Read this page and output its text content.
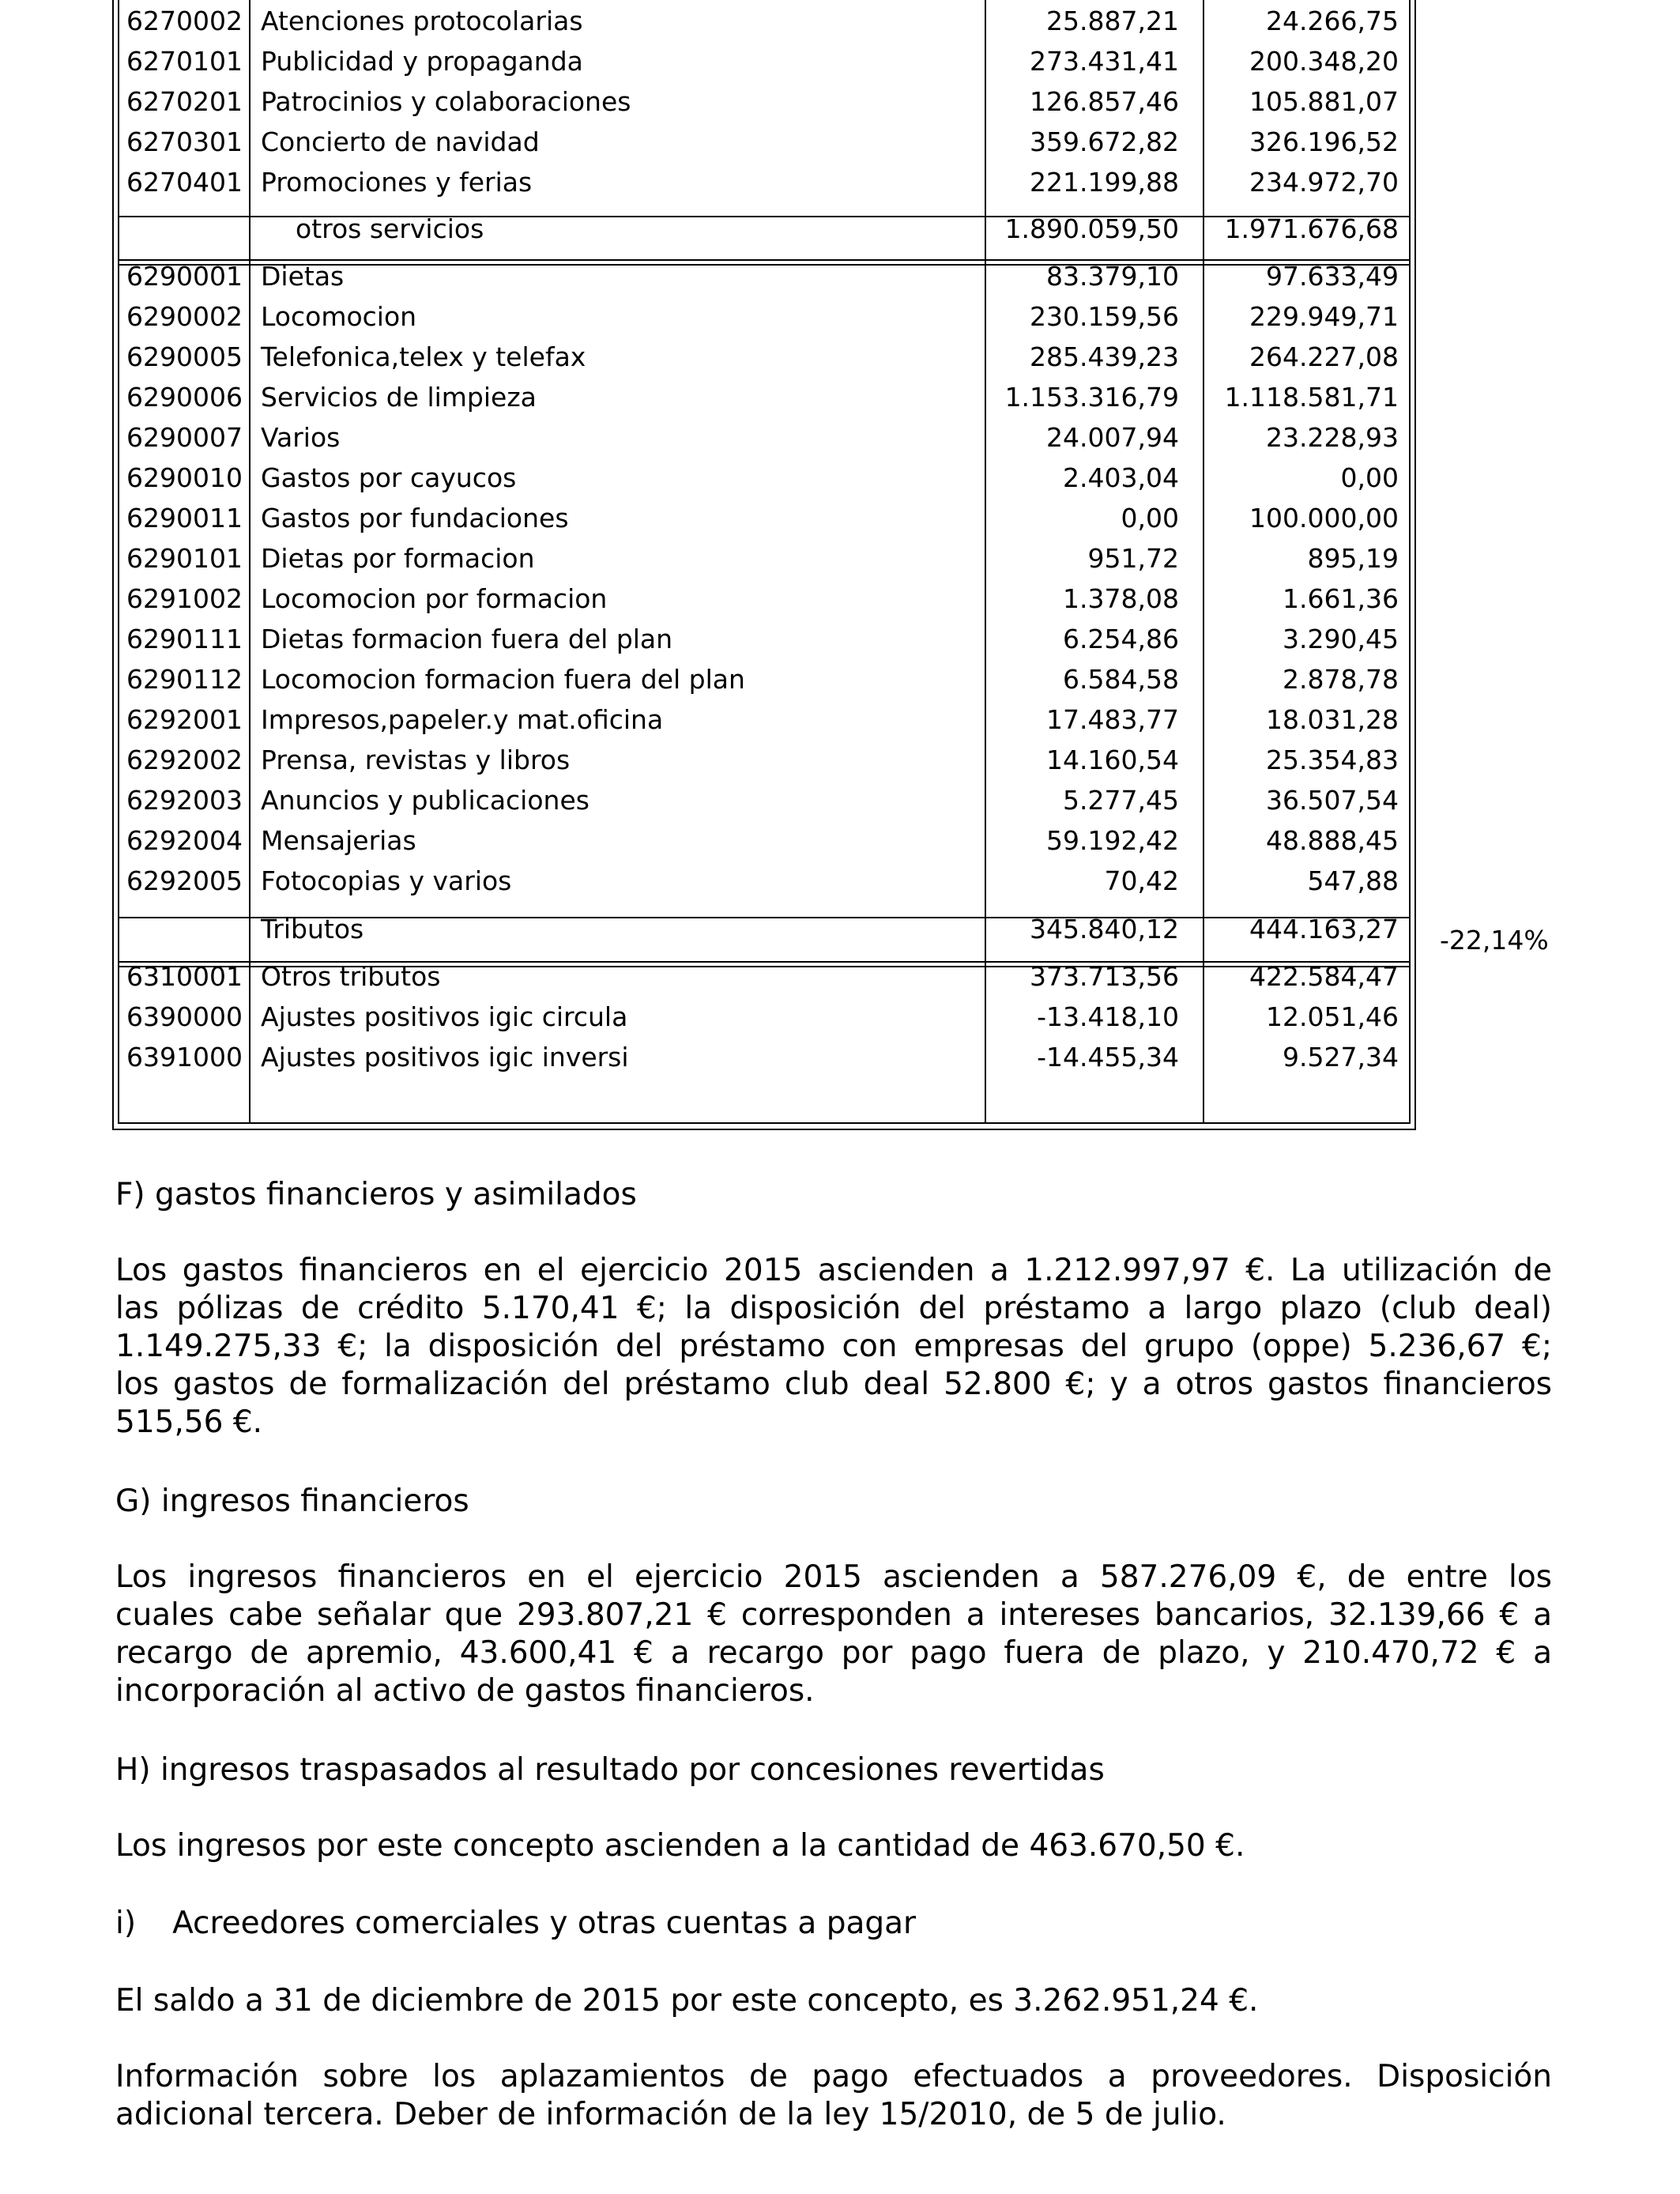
6270002 Atenciones protocolarias	25.887,21	24.266,75
6270101 Publicidad y propaganda	273.431,41	200.348,20
6270201 Patrocinios y colaboraciones	126.857,46	105.881,07
6270301 Concierto de navidad	359.672,82	326.196,52
6270401 Promociones y ferias	221.199,88	234.972,70
otros servicios	1.890.059,50 1.971.676,68
6290001 Dietas	83.379,10	97.633,49
6290002 Locomocion	230.159,56	229.949,71
6290005 Telefonica,telex y telefax	285.439,23	264.227,08
6290006 Servicios de limpieza	1.153.316,79 1.118.581,71
6290007 Varios	24.007,94	23.228,93
6290010 Gastos por cayucos	2.403,04	0,00
6290011 Gastos por fundaciones	0,00	100.000,00
6290101 Dietas por formacion	951,72	895,19
6291002 Locomocion por formacion	1.378,08	1.661,36
6290111 Dietas formacion fuera del plan	6.254,86	3.290,45
6290112 Locomocion formacion fuera del plan	6.584,58	2.878,78
6292001 Impresos,papeler.y mat.oficina	17.483,77	18.031,28
6292002 Prensa, revistas y libros	14.160,54	25.354,83
6292003 Anuncios y publicaciones	5.277,45	36.507,54
6292004 Mensajerias	59.192,42	48.888,45
6292005 Fotocopias y varios	70,42	547,88
Tributos	345.840,12	444.163,27
6310001 Otros tributos	373.713,56	422.584,47
6390000 Ajustes positivos igic circula	-13.418,10	12.051,46
6391000 Ajustes positivos igic inversi	-14.455,34	9.527,34
-22,14%
F) gastos financieros y asimilados
Los gastos financieros en el ejercicio 2015 ascienden a 1.212.997,97 €. La utilización de
las pólizas de crédito 5.170,41 €; la disposición del préstamo a largo plazo (club deal)
1.149.275,33 €; la disposición del préstamo con empresas del grupo (oppe) 5.236,67 €;
los gastos de formalización del préstamo club deal 52.800 €; y a otros gastos financieros
515,56 €.
G) ingresos financieros
Los ingresos financieros en el ejercicio 2015 ascienden a 587.276,09 €, de entre los
cuales cabe señalar que 293.807,21 € corresponden a intereses bancarios, 32.139,66 € a
recargo de apremio, 43.600,41 € a recargo por pago fuera de plazo, y 210.470,72 € a
incorporación al activo de gastos financieros.
H) ingresos traspasados al resultado por concesiones revertidas
Los ingresos por este concepto ascienden a la cantidad de 463.670,50 €.
i) Acreedores comerciales y otras cuentas a pagar
El saldo a 31 de diciembre de 2015 por este concepto, es 3.262.951,24 €.
Información sobre los aplazamientos de pago efectuados a proveedores. Disposición
adicional tercera. Deber de información de la ley 15/2010, de 5 de julio.
